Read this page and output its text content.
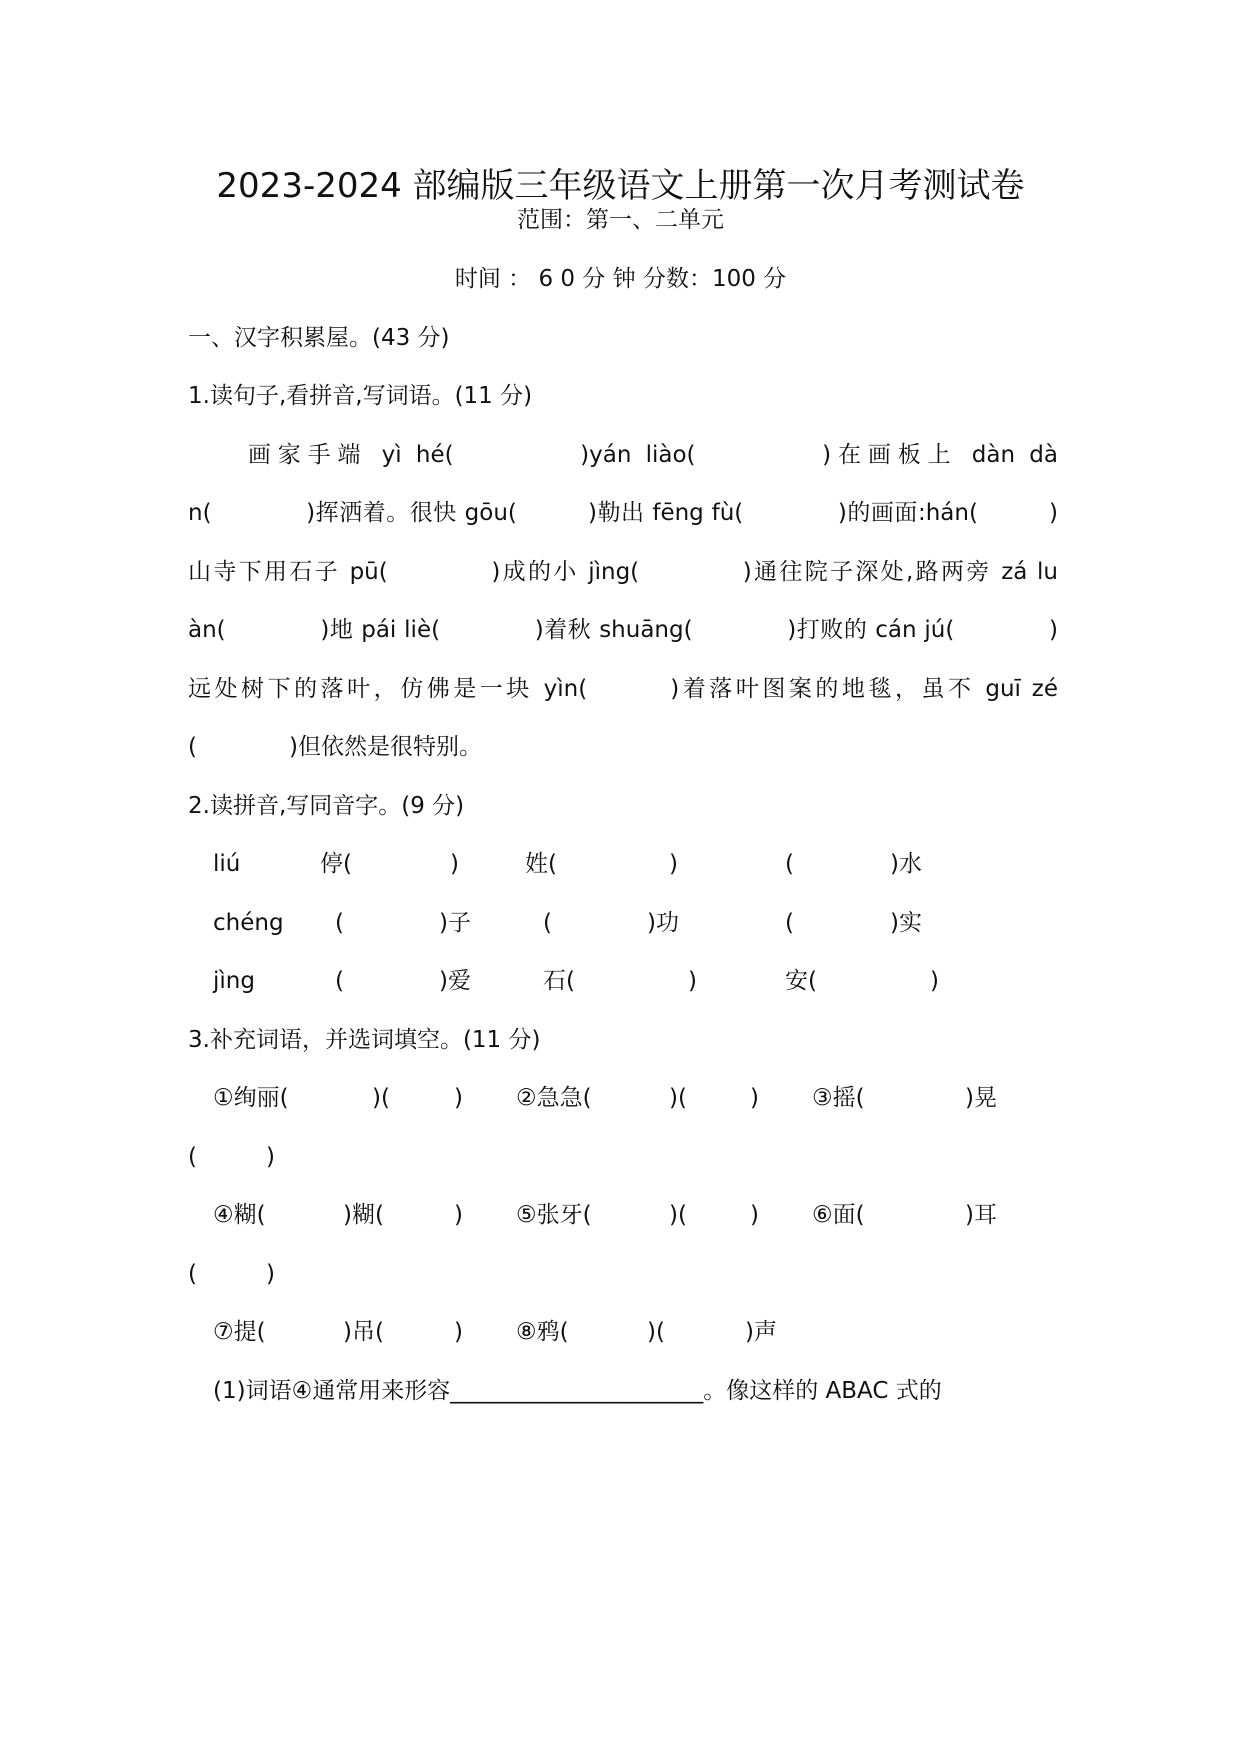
2023-2024 部编版三年级语文上册第一次月考测试卷
范围：第一、二单元
时间 ： 6 0 分 钟 分数：100 分
一、汉字积累屋。(43 分)
1.读句子,看拼音,写词语。(11 分)
　　画家手端 yì hé(　　　　)yán liào(　　　　)在画板上 dàn dà
n(　　　　)挥洒着。很快 gōu(　　　)勒出 fēng fù(　　　　)的画面:hán(　　　)
山寺下用石子 pū(　　　　)成的小 jìng(　　　　)通往院子深处,路两旁 zá lu
àn(　　　　)地 pái liè(　　　　)着秋 shuāng(　　　　)打败的 cán jú(　　　　)
远处树下的落叶，仿佛是一块 yìn(　　　)着落叶图案的地毯，虽不 guī zé
(　　　　)但依然是很特别。
2.读拼音,写同音字。(9 分)
liú	停(	)	姓(	)	(	)水
chéng (	)子	(	)功	(	)实
jìng	(	)爱	石(	)	安(	)
3.补充词语，并选词填空。(11 分)
①绚丽(	)(	) ②急急(	)(	) ③摇(	)晃
(　　　)
④糊(	)糊(	) ⑤张牙(	)(	) ⑥面(	)耳
(　　　)
⑦提(	)吊(	) ⑧鸦(	)(	)声
(1)词语④通常用来形容______________________。像这样的 ABAC 式的
